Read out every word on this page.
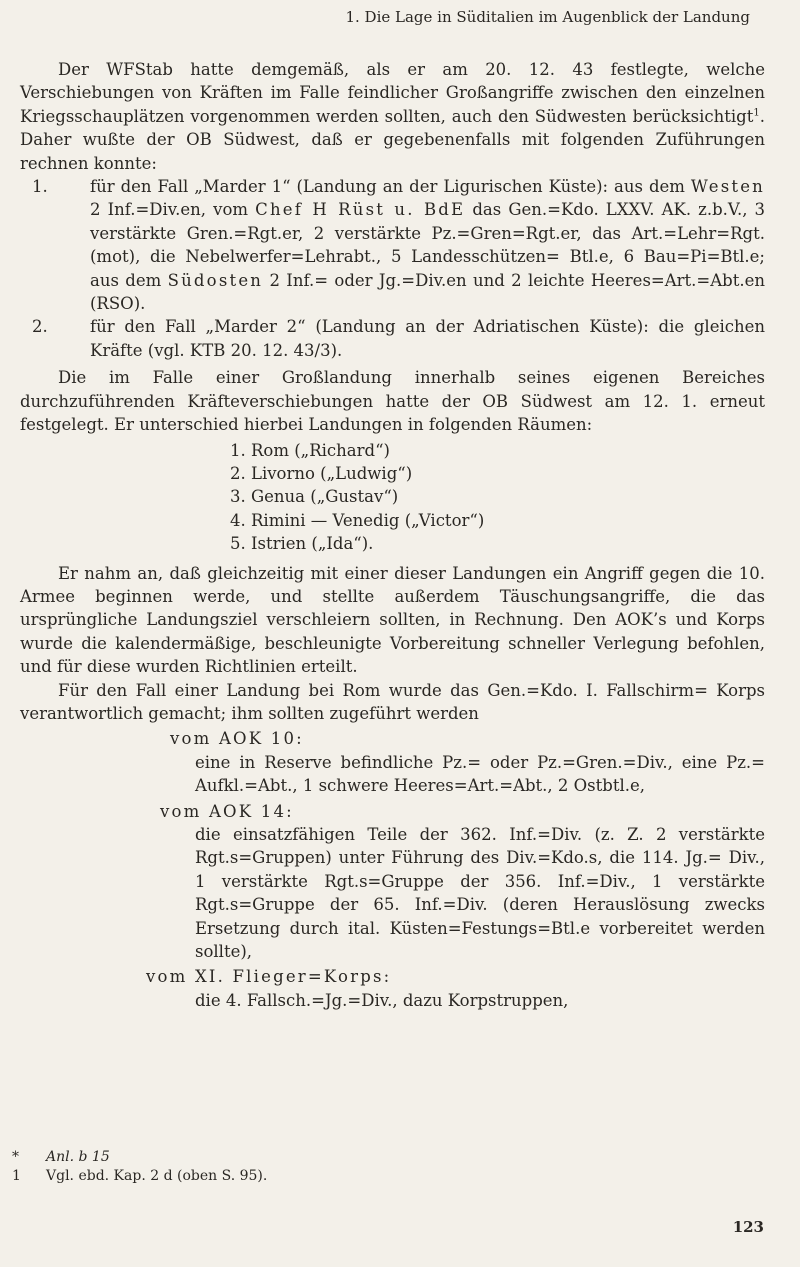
1. Die Lage in Süditalien im Augenblick der Landung

Der WFStab hatte demgemäß, als er am 20. 12. 43 festlegte, welche Verschiebungen von Kräften im Falle feindlicher Großangriffe zwischen den einzelnen Kriegsschauplätzen vorgenommen werden sollten, auch den Südwesten berücksichtigt$^1$. Daher wußte der OB Südwest, daß er gegebenenfalls mit folgenden Zuführungen rechnen konnte:

1.	für den Fall „Marder 1“ (Landung an der Ligurischen Küste): aus dem Westen 2 Inf.=Div.en, vom Chef H Rüst u. BdE das Gen.=Kdo. LXXV. AK. z.b.V., 3 verstärkte Gren.=Rgt.er, 2 verstärkte Pz.=Gren=Rgt.er, das Art.=Lehr=Rgt. (mot), die Nebelwerfer=Lehrabt., 5 Landesschützen= Btl.e, 6 Bau=Pi=Btl.e; aus dem Südosten 2 Inf.= oder Jg.=Div.en und 2 leichte Heeres=Art.=Abt.en (RSO).
2.	für den Fall „Marder 2“ (Landung an der Adriatischen Küste): die gleichen Kräfte (vgl. KTB 20. 12. 43/3).

Die im Falle einer Großlandung innerhalb seines eigenen Bereiches durchzuführenden Kräfteverschiebungen hatte der OB Südwest am 12. 1. erneut festgelegt. Er unterschied hierbei Landungen in folgenden Räumen:

1. Rom („Richard“)
2. Livorno („Ludwig“)
3. Genua („Gustav“)
4. Rimini — Venedig („Victor“)
5. Istrien („Ida“).

Er nahm an, daß gleichzeitig mit einer dieser Landungen ein Angriff gegen die 10. Armee beginnen werde, und stellte außerdem Täuschungsangriffe, die das ursprüngliche Landungsziel verschleiern sollten, in Rechnung. Den AOK’s und Korps wurde die kalendermäßige, beschleunigte Vorbereitung schneller Verlegung befohlen, und für diese wurden Richtlinien erteilt.

Für den Fall einer Landung bei Rom wurde das Gen.=Kdo. I. Fallschirm= Korps verantwortlich gemacht; ihm sollten zugeführt werden

vom AOK 10:

eine in Reserve befindliche Pz.= oder Pz.=Gren.=Div., eine Pz.= Aufkl.=Abt., 1 schwere Heeres=Art.=Abt., 2 Ostbtl.e,

vom AOK 14:

die einsatzfähigen Teile der 362. Inf.=Div. (z. Z. 2 verstärkte Rgt.s=Gruppen) unter Führung des Div.=Kdo.s, die 114. Jg.= Div., 1 verstärkte Rgt.s=Gruppe der 356. Inf.=Div., 1 verstärkte Rgt.s=Gruppe der 65. Inf.=Div. (deren Herauslösung zwecks Ersetzung durch ital. Küsten=Festungs=Btl.e vorbereitet werden sollte),

vom XI. Flieger=Korps:

die 4. Fallsch.=Jg.=Div., dazu Korpstruppen,

*	Anl. b 15
1	Vgl. ebd. Kap. 2 d (oben S. 95).
123
